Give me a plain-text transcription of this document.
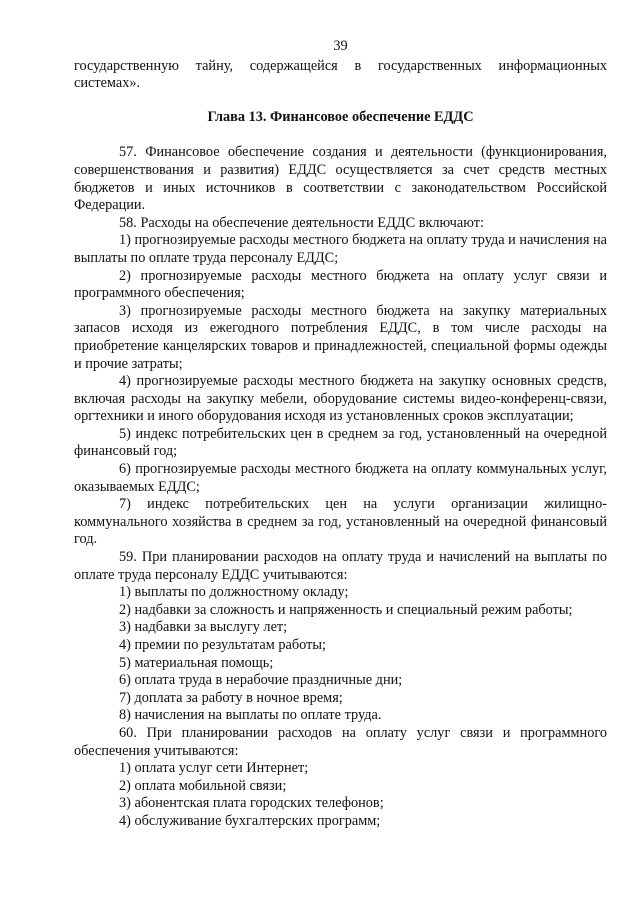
39

государственную тайну, содержащейся в государственных информационных системах».

Глава 13. Финансовое обеспечение ЕДДС

57. Финансовое обеспечение создания и деятельности (функционирования, совершенствования и развития) ЕДДС осуществляется за счет средств местных бюджетов и иных источников в соответствии с законодательством Российской Федерации.

58. Расходы на обеспечение деятельности ЕДДС включают:

1) прогнозируемые расходы местного бюджета на оплату труда и начисления на выплаты по оплате труда персоналу ЕДДС;

2) прогнозируемые расходы местного бюджета на оплату услуг связи и программного обеспечения;

3) прогнозируемые расходы местного бюджета на закупку материальных запасов исходя из ежегодного потребления ЕДДС, в том числе расходы на приобретение канцелярских товаров и принадлежностей, специальной формы одежды и прочие затраты;

4) прогнозируемые расходы местного бюджета на закупку основных средств, включая расходы на закупку мебели, оборудование системы видео-конференц-связи, оргтехники и иного оборудования исходя из установленных сроков эксплуатации;

5) индекс потребительских цен в среднем за год, установленный на очередной финансовый год;

6) прогнозируемые расходы местного бюджета на оплату коммунальных услуг, оказываемых ЕДДС;

7) индекс потребительских цен на услуги организации жилищно-коммунального хозяйства в среднем за год, установленный на очередной финансовый год.

59. При планировании расходов на оплату труда и начислений на выплаты по оплате труда персоналу ЕДДС учитываются:

1) выплаты по должностному окладу;

2) надбавки за сложность и напряженность и специальный режим работы;

3) надбавки за выслугу лет;

4) премии по результатам работы;

5) материальная помощь;

6) оплата труда в нерабочие праздничные дни;

7) доплата за работу в ночное время;

8) начисления на выплаты по оплате труда.

60. При планировании расходов на оплату услуг связи и программного обеспечения учитываются:

1) оплата услуг сети Интернет;

2) оплата мобильной связи;

3) абонентская плата городских телефонов;

4) обслуживание бухгалтерских программ;
